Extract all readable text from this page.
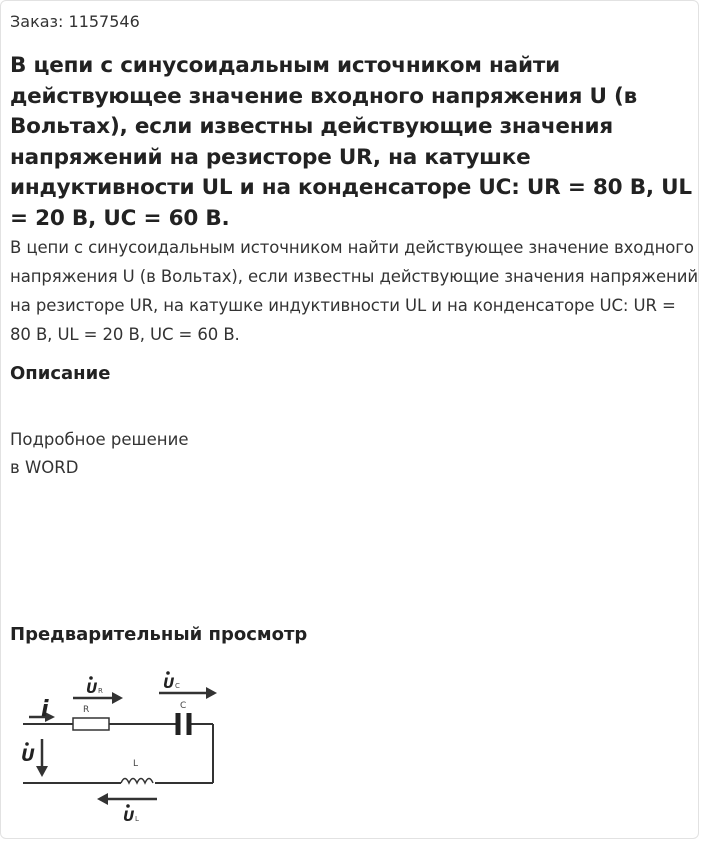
Заказ: 1157546
В цепи с синусоидальным источником найти действующее значение входного напряжения U (в Вольтах), если известны действующие значения напряжений на резисторе UR, на катушке индуктивности UL и на конденсаторе UC: UR = 80 В, UL = 20 В, UC = 60 В.

В цепи с синусоидальным источником найти действующее значение входного напряжения U (в Вольтах), если известны действующие значения напряжений на резисторе UR, на катушке индуктивности UL и на конденсаторе UC: UR = 80 В, UL = 20 В, UC = 60 В.

Описание
Подробное решение
в WORD
Предварительный просмотр
i
U
R	C
L
U R	U C
U L
